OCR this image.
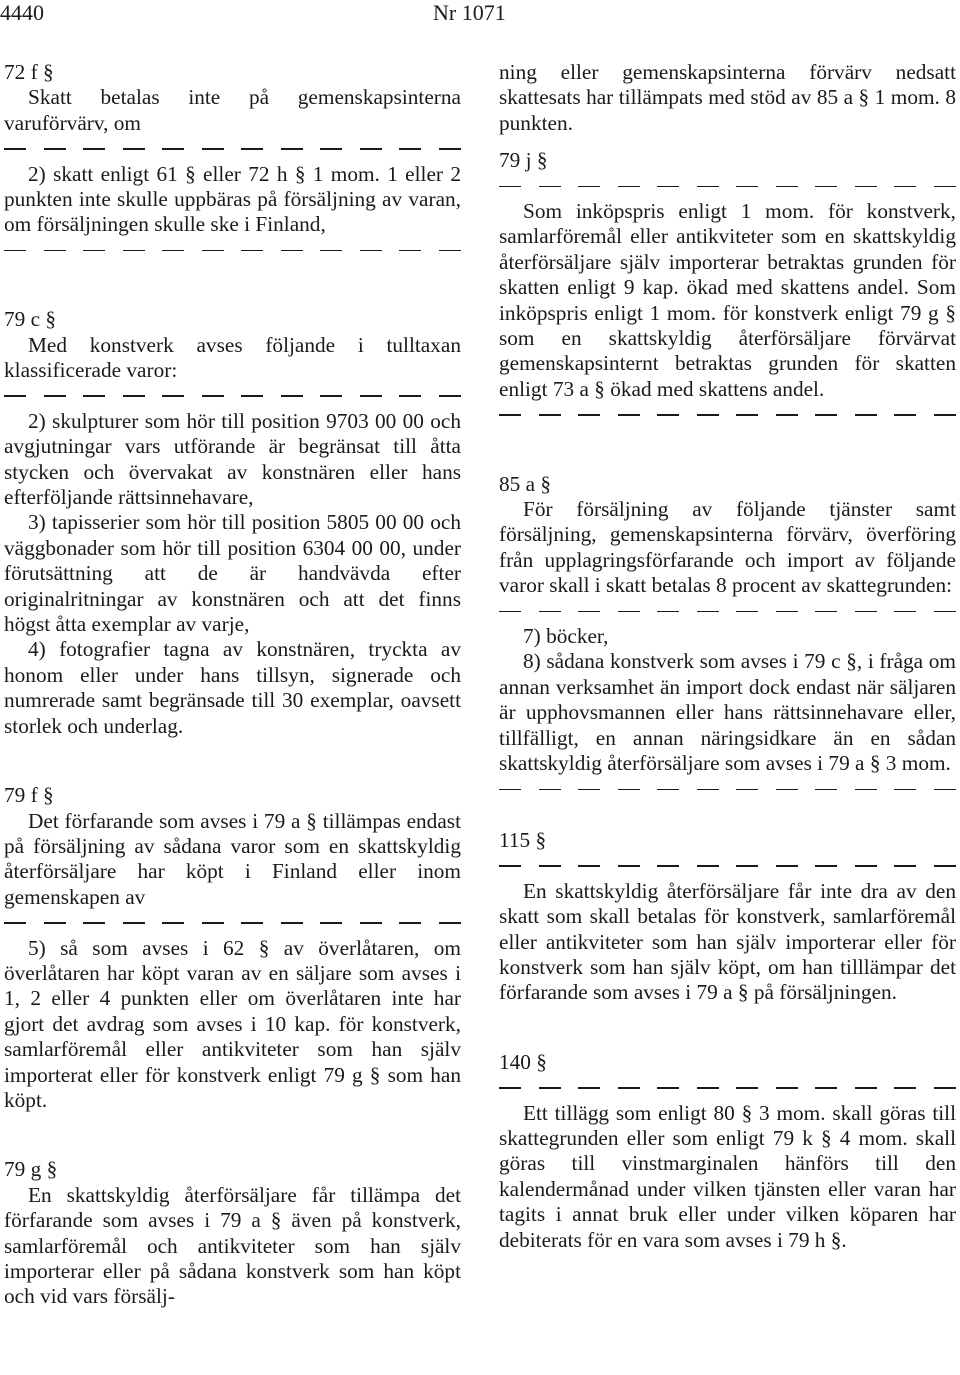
4440	Nr 1071

72 f §

Skatt betalas inte på gemenskapsinterna varuförvärv, om

2) skatt enligt 61 § eller 72 h § 1 mom. 1 eller 2 punkten inte skulle uppbäras på försäljning av varan, om försäljningen skulle ske i Finland,

79 c §

Med konstverk avses följande i tulltaxan klassificerade varor:

2) skulpturer som hör till position 9703 00 00 och avgjutningar vars utförande är begränsat till åtta stycken och övervakat av konstnären eller hans efterföljande rättsinnehavare,

3) tapisserier som hör till position 5805 00 00 och väggbonader som hör till position 6304 00 00, under förutsättning att de är handvävda efter originalritningar av konstnären och att det finns högst åtta exemplar av varje,

4) fotografier tagna av konstnären, tryckta av honom eller under hans tillsyn, signerade och numrerade samt begränsade till 30 exemplar, oavsett storlek och underlag.

79 f §

Det förfarande som avses i 79 a § tillämpas endast på försäljning av sådana varor som en skattskyldig återförsäljare har köpt i Finland eller inom gemenskapen av

5) så som avses i 62 § av överlåtaren, om överlåtaren har köpt varan av en säljare som avses i 1, 2 eller 4 punkten eller om överlåtaren inte har gjort det avdrag som avses i 10 kap. för konstverk, samlarföremål eller antikviteter som han själv importerat eller för konstverk enligt 79 g § som han köpt.

79 g §

En skattskyldig återförsäljare får tillämpa det förfarande som avses i 79 a § även på konstverk, samlarföremål och antikviteter som han själv importerar eller på sådana konstverk som han köpt och vid vars försälj-

ning eller gemenskapsinterna förvärv nedsatt skattesats har tillämpats med stöd av 85 a § 1 mom. 8 punkten.

79 j §

Som inköpspris enligt 1 mom. för konstverk, samlarföremål eller antikviteter som en skattskyldig återförsäljare själv importerar betraktas grunden för skatten enligt 9 kap. ökad med skattens andel. Som inköpspris enligt 1 mom. för konstverk enligt 79 g § som en skattskyldig återförsäljare förvärvat gemenskapsinternt betraktas grunden för skatten enligt 73 a § ökad med skattens andel.

85 a §

För försäljning av följande tjänster samt försäljning, gemenskapsinterna förvärv, överföring från upplagringsförfarande och import av följande varor skall i skatt betalas 8 procent av skattegrunden:

7) böcker,

8) sådana konstverk som avses i 79 c §, i fråga om annan verksamhet än import dock endast när säljaren är upphovsmannen eller hans rättsinnehavare eller, tillfälligt, en annan näringsidkare än en sådan skattskyldig återförsäljare som avses i 79 a § 3 mom.

115 §

En skattskyldig återförsäljare får inte dra av den skatt som skall betalas för konstverk, samlarföremål eller antikviteter som han själv importerar eller för konstverk som han själv köpt, om han tilllämpar det förfarande som avses i 79 a § på försäljningen.

140 §

Ett tillägg som enligt 80 § 3 mom. skall göras till skattegrunden eller som enligt 79 k § 4 mom. skall göras till vinstmarginalen hänförs till den kalendermånad under vilken tjänsten eller varan har tagits i annat bruk eller under vilken köparen har debiterats för en vara som avses i 79 h §.
